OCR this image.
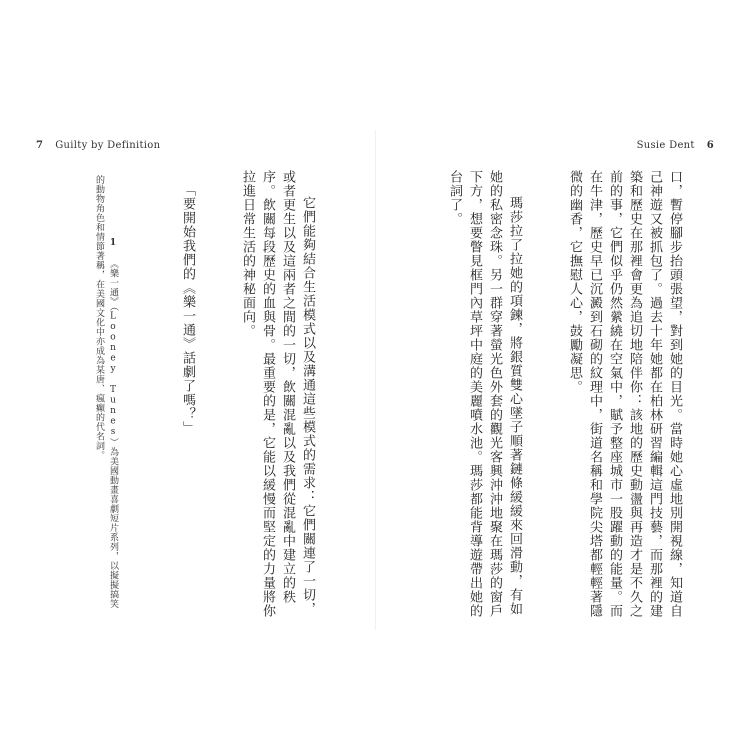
7 Guilty by Definition

它們能夠結合生活模式以及溝通這些模式的需求：它們關連了一切，或者更生以及這兩者之間的一切，飲關混亂以及我們從混亂中建立的秩序。飲關每段歷史的血與骨。最重要的是，它能以緩慢而堅定的力量將你拉進日常生活的神秘面向。

「要開始我們的《樂一通》話劇了嗎？」

1 《樂一通》（Looney Tunes）為美國動畫喜劇短片系列，以擬擬搞笑的動物角色和情節著稱，在美國文化中亦成為某唐、瘋癲的代名詞。

Susie Dent 6

口，暫停腳步抬頭張望，對到她的目光。當時她心虛地別開視線，知道自己神遊又被抓包了。過去十年她都在柏林研習編輯這門技藝，而那裡的建築和歷史在那裡會更為追切地陪伴你：該地的歷史動盪與再造才是不久之前的事，它們似乎仍然縈繞在空氣中，賦予整座城市一股躍動的能量。而在牛津，歷史早已沉澱到石砌的紋理中，街道名稱和學院尖塔都輕輕著隱微的幽香，它撫慰人心，鼓勵凝思。

瑪莎拉了拉她的項鍊，將銀質雙心墜子順著鏈條緩緩來回滑動，有如她的私密念珠。另一群穿著螢光色外套的觀光客興沖沖地聚在瑪莎的窗戶下方，想要瞥見框門內草坪中庭的美麗噴水池。瑪莎都能背導遊帶出她的台詞了。
